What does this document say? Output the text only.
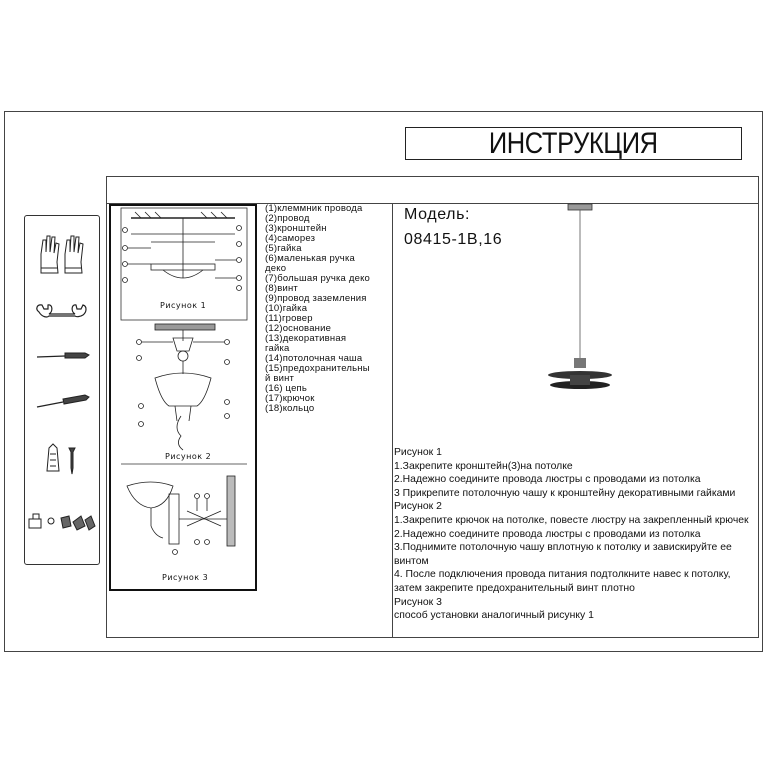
ИНСТРУКЦИЯ
Рисунок 1
Рисунок 2
Рисунок 3
(1)клеммник провода
(2)провод
(3)кронштейн
(4)саморез
(5)гайка
(6)маленькая ручка
деко
(7)большая ручка деко
(8)винт
(9)провод заземления
(10)гайка
(11)гровер
(12)основание
(13)декоративная
гайка
(14)потолочная чаша
(15)предохранительны
й винт
(16) цепь
(17)крючок
(18)кольцо
Модель:
08415-1B,16
Рисунок 1
1.Закрепите кронштейн(3)на потолке
2.Надежно соедините провода люстры с проводами из потолка
3 Прикрепите потолочную чашу к кронштейну декоративными гайками
Рисунок 2
1.Закрепите крючок на потолке, повесте люстру на закрепленный крючек
2.Надежно соедините провода люстры с проводами из потолка
3.Поднимите потолочную чашу вплотную к потолку и завискируйте ее
винтом
4. После подключения провода питания подтолкните навес к потолку,
затем закрепите предохранительный винт плотно
Рисунок 3
способ установки аналогичный рисунку 1
